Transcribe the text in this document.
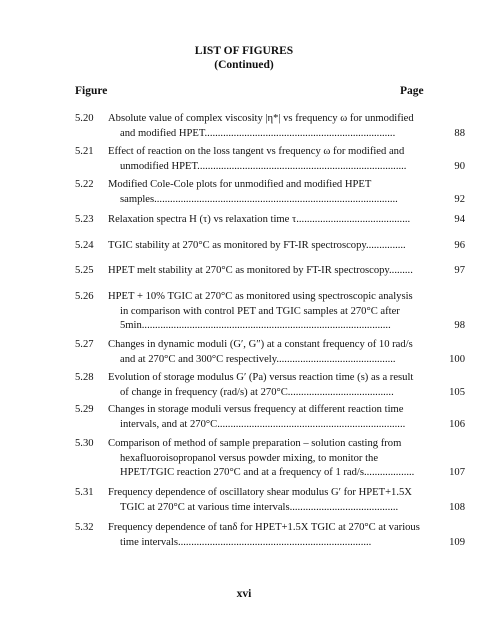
LIST OF FIGURES
(Continued)
Figure	Page
5.20 Absolute value of complex viscosity |η*| vs frequency ω for unmodified
and modified HPET........................................................................	88
5.21 Effect of reaction on the loss tangent vs frequency ω for modified and
unmodified HPET...............................................................................	90
5.22 Modified Cole-Cole plots for unmodified and modified HPET
samples............................................................................................	92
5.23 Relaxation spectra H (τ) vs relaxation time τ...........................................	94
5.24 TGIC stability at 270°C as monitored by FT-IR spectroscopy...............	96
5.25 HPET melt stability at 270°C as monitored by FT-IR spectroscopy.........	97
5.26 HPET + 10% TGIC at 270°C as monitored using spectroscopic analysis
in comparison with control PET and TGIC samples at 270°C after
5min..............................................................................................	98
5.27 Changes in dynamic moduli (G′, G″) at a constant frequency of 10 rad/s
and at 270°C and 300°C respectively.............................................	100
5.28 Evolution of storage modulus G′ (Pa) versus reaction time (s) as a result
of change in frequency (rad/s) at 270°C........................................	105
5.29 Changes in storage moduli versus frequency at different reaction time
intervals, and at 270°C.......................................................................	106
5.30 Comparison of method of sample preparation – solution casting from
hexafluoroisopropanol versus powder mixing, to monitor the
HPET/TGIC reaction 270°C and at a frequency of 1 rad/s...................	107
5.31 Frequency dependence of oscillatory shear modulus G′ for HPET+1.5X
TGIC at 270°C at various time intervals.........................................	108
5.32 Frequency dependence of tanδ for HPET+1.5X TGIC at 270°C at various
time intervals.........................................................................	109
xvi
